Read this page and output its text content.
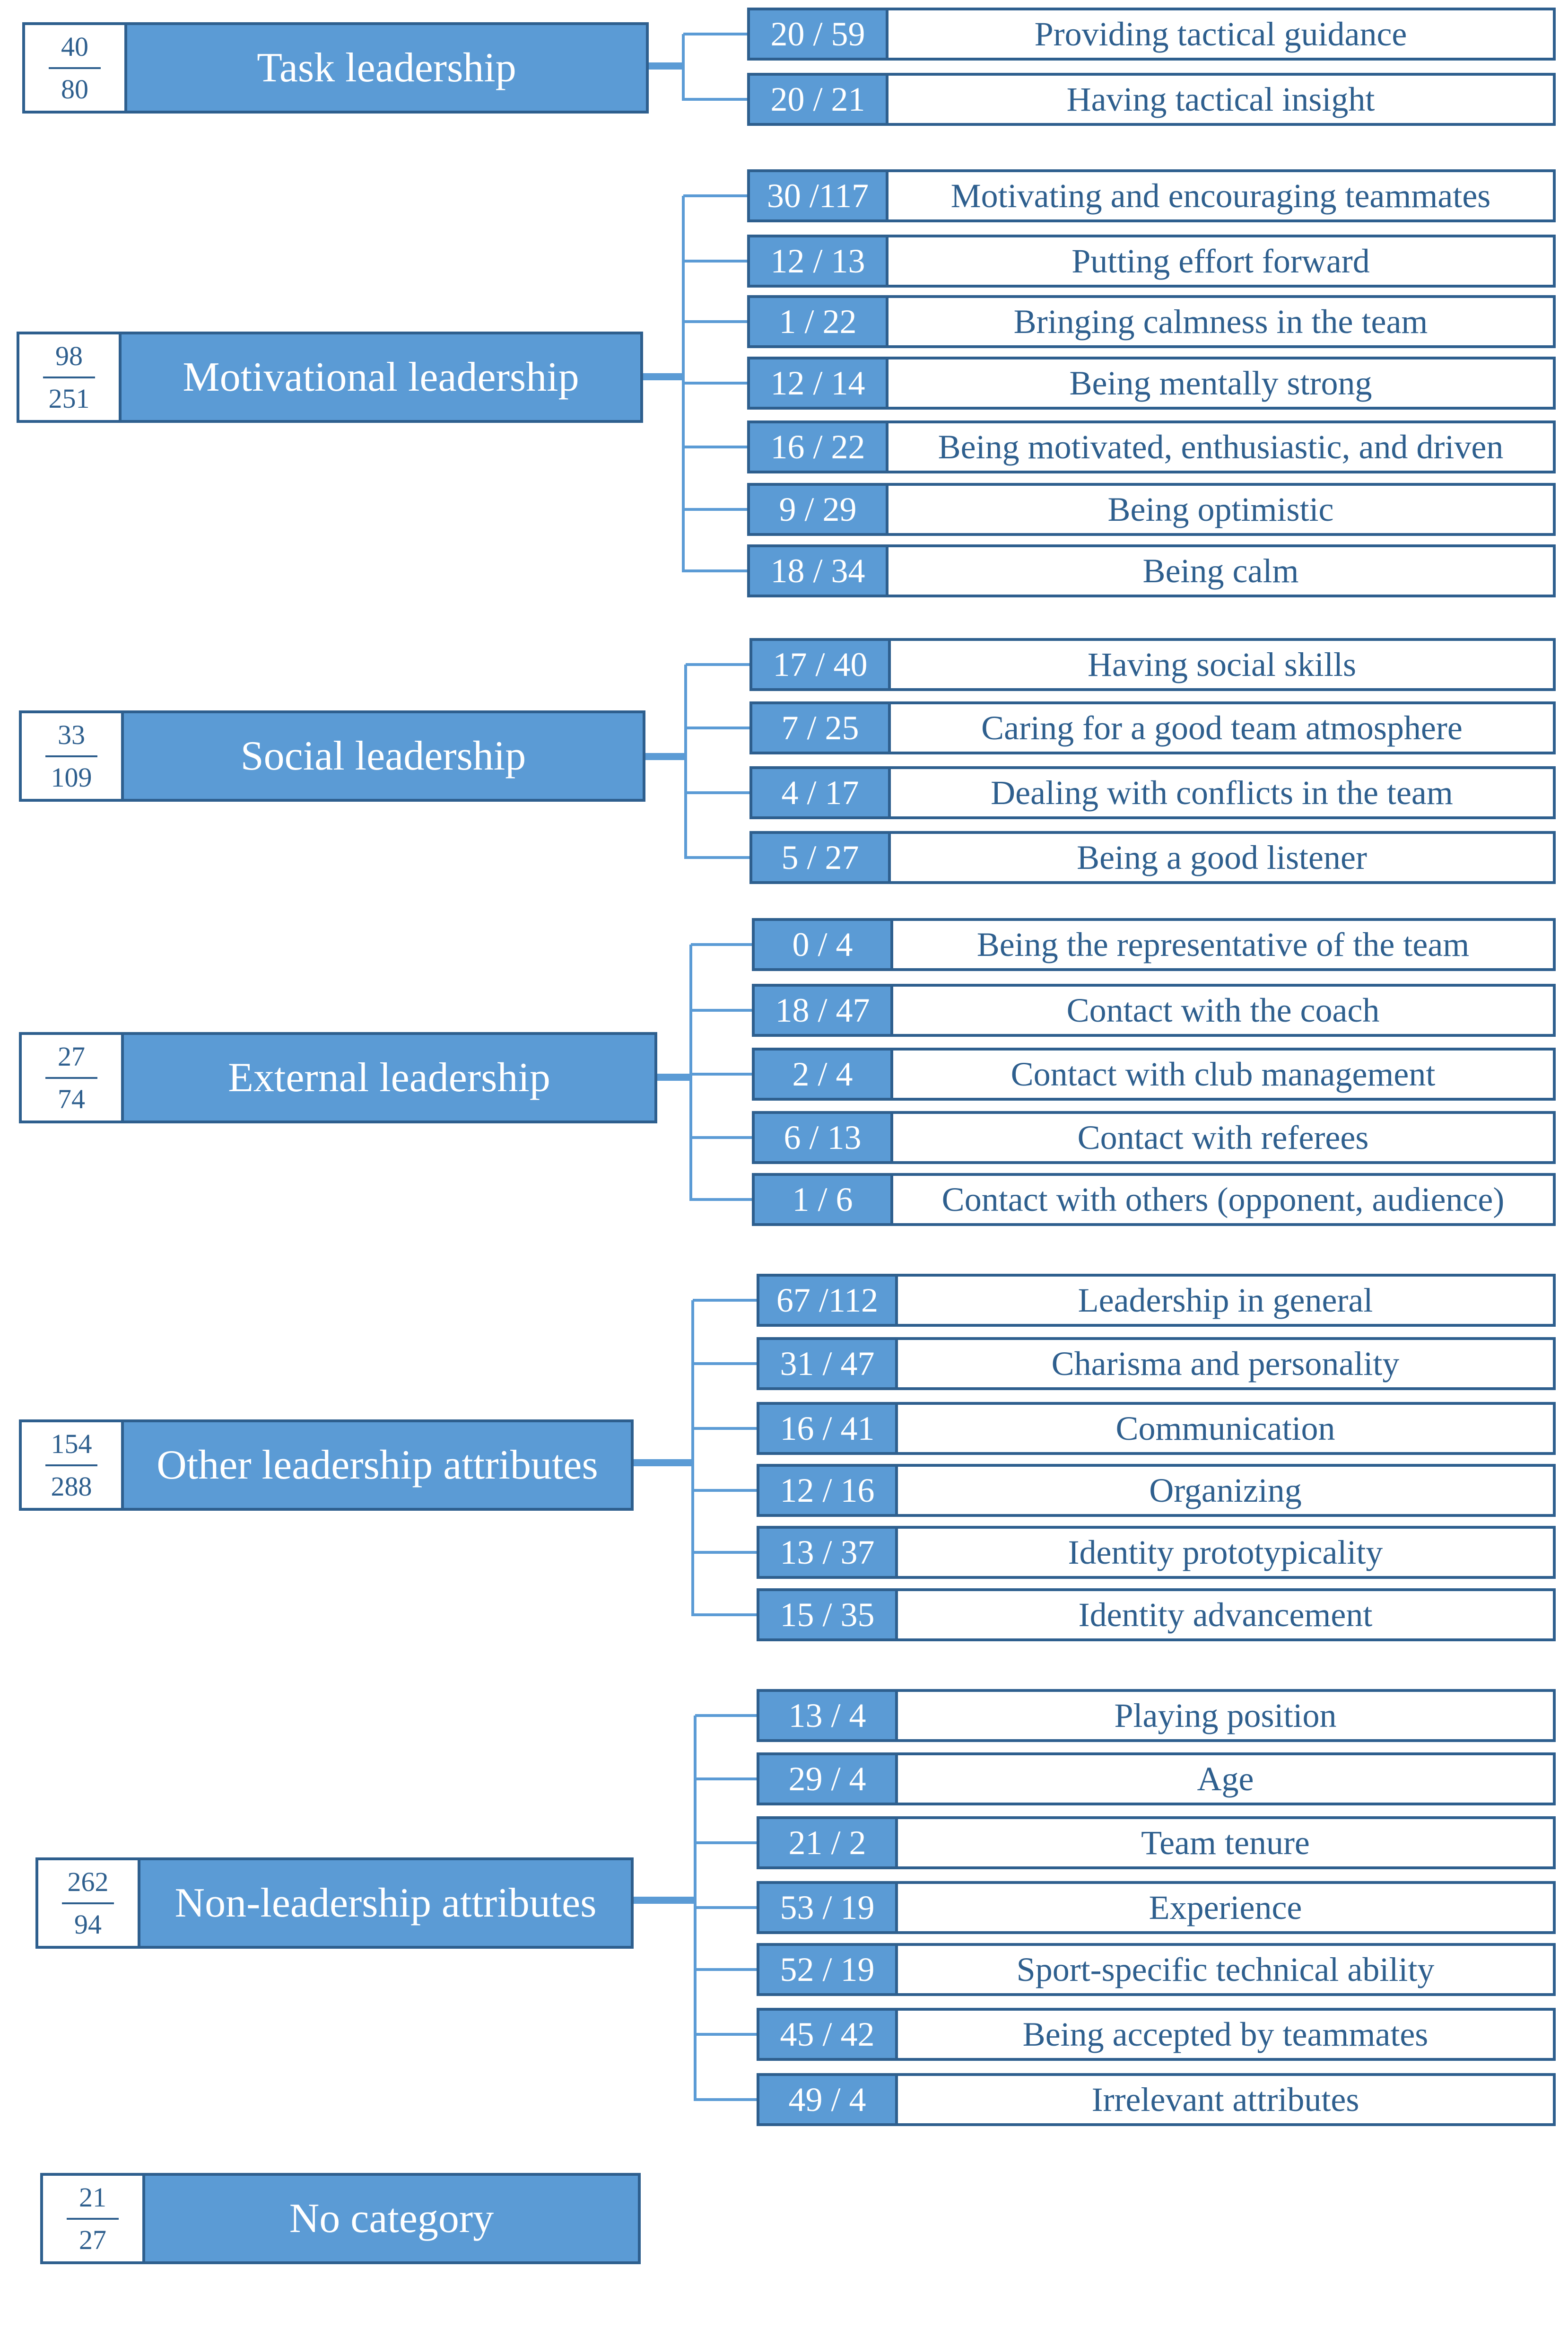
$\frac{40}{80}$	Task leadership
20 / 59	Providing tactical guidance
20 / 21	Having tactical insight
$\frac{98}{251}$	Motivational leadership
30 /117	Motivating and encouraging teammates
12 / 13	Putting effort forward
1 / 22	Bringing calmness in the team
12 / 14	Being mentally strong
16 / 22	Being motivated, enthusiastic, and driven
9 / 29	Being optimistic
18 / 34	Being calm
$\frac{33}{109}$	Social leadership
17 / 40	Having social skills
7 / 25	Caring for a good team atmosphere
4 / 17	Dealing with conflicts in the team
5 / 27	Being a good listener
$\frac{27}{74}$	External leadership
0 / 4	Being the representative of the team
18 / 47	Contact with the coach
2 / 4	Contact with club management
6 / 13	Contact with referees
1 / 6	Contact with others (opponent, audience)
$\frac{154}{288}$ Other leadership attributes
67 /112	Leadership in general
31 / 47	Charisma and personality
16 / 41	Communication
12 / 16	Organizing
13 / 37	Identity prototypicality
15 / 35	Identity advancement
$\frac{262}{94}$ Non-leadership attributes
13 / 4	Playing position
29 / 4	Age
21 / 2	Team tenure
53 / 19	Experience
52 / 19	Sport-specific technical ability
45 / 42	Being accepted by teammates
49 / 4	Irrelevant attributes
$\frac{21}{27}$	No category
